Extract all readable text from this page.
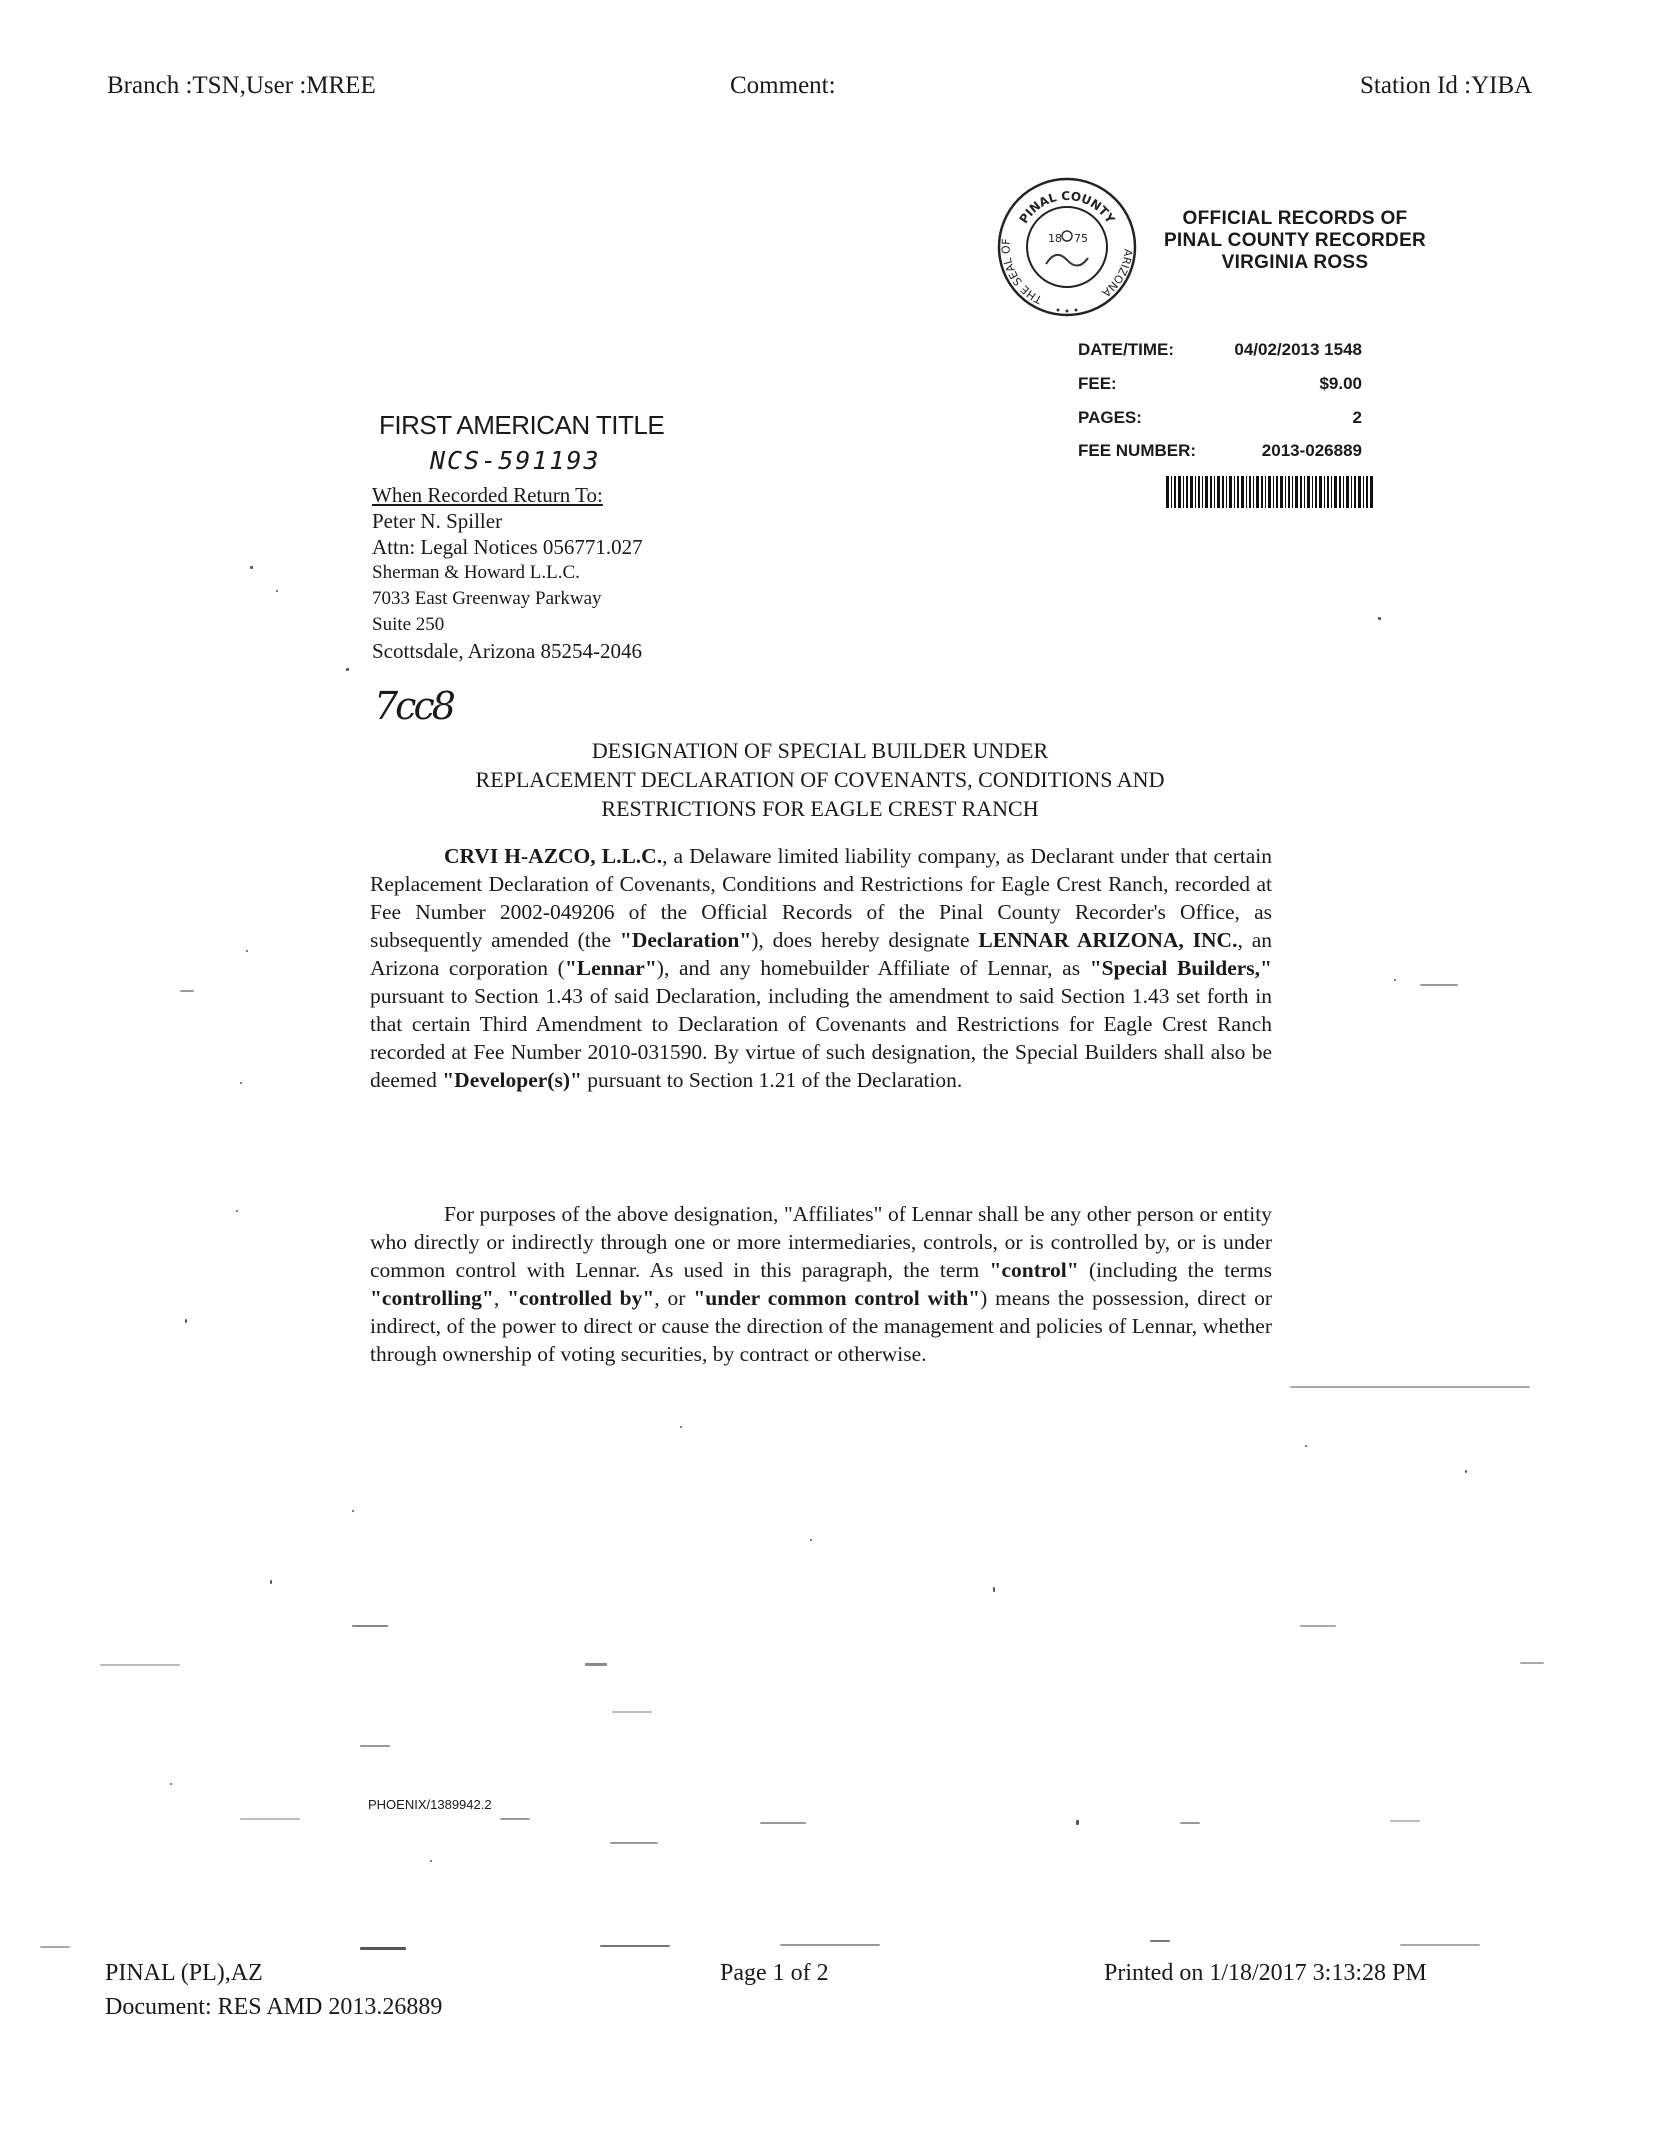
Branch :TSN,User :MREE	Comment:	Station Id :YIBA
PINAL COUNTY
THE SEAL OF
ARIZONA
18 75
OFFICIAL RECORDS OF
PINAL COUNTY RECORDER
VIRGINIA ROSS
DATE/TIME:	04/02/2013 1548
FEE:	$9.00
PAGES:	2
FEE NUMBER:	2013-026889
FIRST AMERICAN TITLE
NCS-591193
When Recorded Return To:
Peter N. Spiller
Attn: Legal Notices 056771.027
Sherman & Howard L.L.C.
7033 East Greenway Parkway
Suite 250
Scottsdale, Arizona 85254-2046
7cc8
DESIGNATION OF SPECIAL BUILDER UNDER
REPLACEMENT DECLARATION OF COVENANTS, CONDITIONS AND
RESTRICTIONS FOR EAGLE CREST RANCH

CRVI H-AZCO, L.L.C., a Delaware limited liability company, as Declarant under that certain Replacement Declaration of Covenants, Conditions and Restrictions for Eagle Crest Ranch, recorded at Fee Number 2002-049206 of the Official Records of the Pinal County Recorder's Office, as subsequently amended (the "Declaration"), does hereby designate LENNAR ARIZONA, INC., an Arizona corporation ("Lennar"), and any homebuilder Affiliate of Lennar, as "Special Builders," pursuant to Section 1.43 of said Declaration, including the amendment to said Section 1.43 set forth in that certain Third Amendment to Declaration of Covenants and Restrictions for Eagle Crest Ranch recorded at Fee Number 2010-031590. By virtue of such designation, the Special Builders shall also be deemed "Developer(s)" pursuant to Section 1.21 of the Declaration.

For purposes of the above designation, "Affiliates" of Lennar shall be any other person or entity who directly or indirectly through one or more intermediaries, controls, or is controlled by, or is under common control with Lennar. As used in this paragraph, the term "control" (including the terms "controlling", "controlled by", or "under common control with") means the possession, direct or indirect, of the power to direct or cause the direction of the management and policies of Lennar, whether through ownership of voting securities, by contract or otherwise.

PHOENIX/1389942.2
PINAL (PL),AZ
Document: RES AMD 2013.26889
Page 1 of 2	Printed on 1/18/2017 3:13:28 PM
